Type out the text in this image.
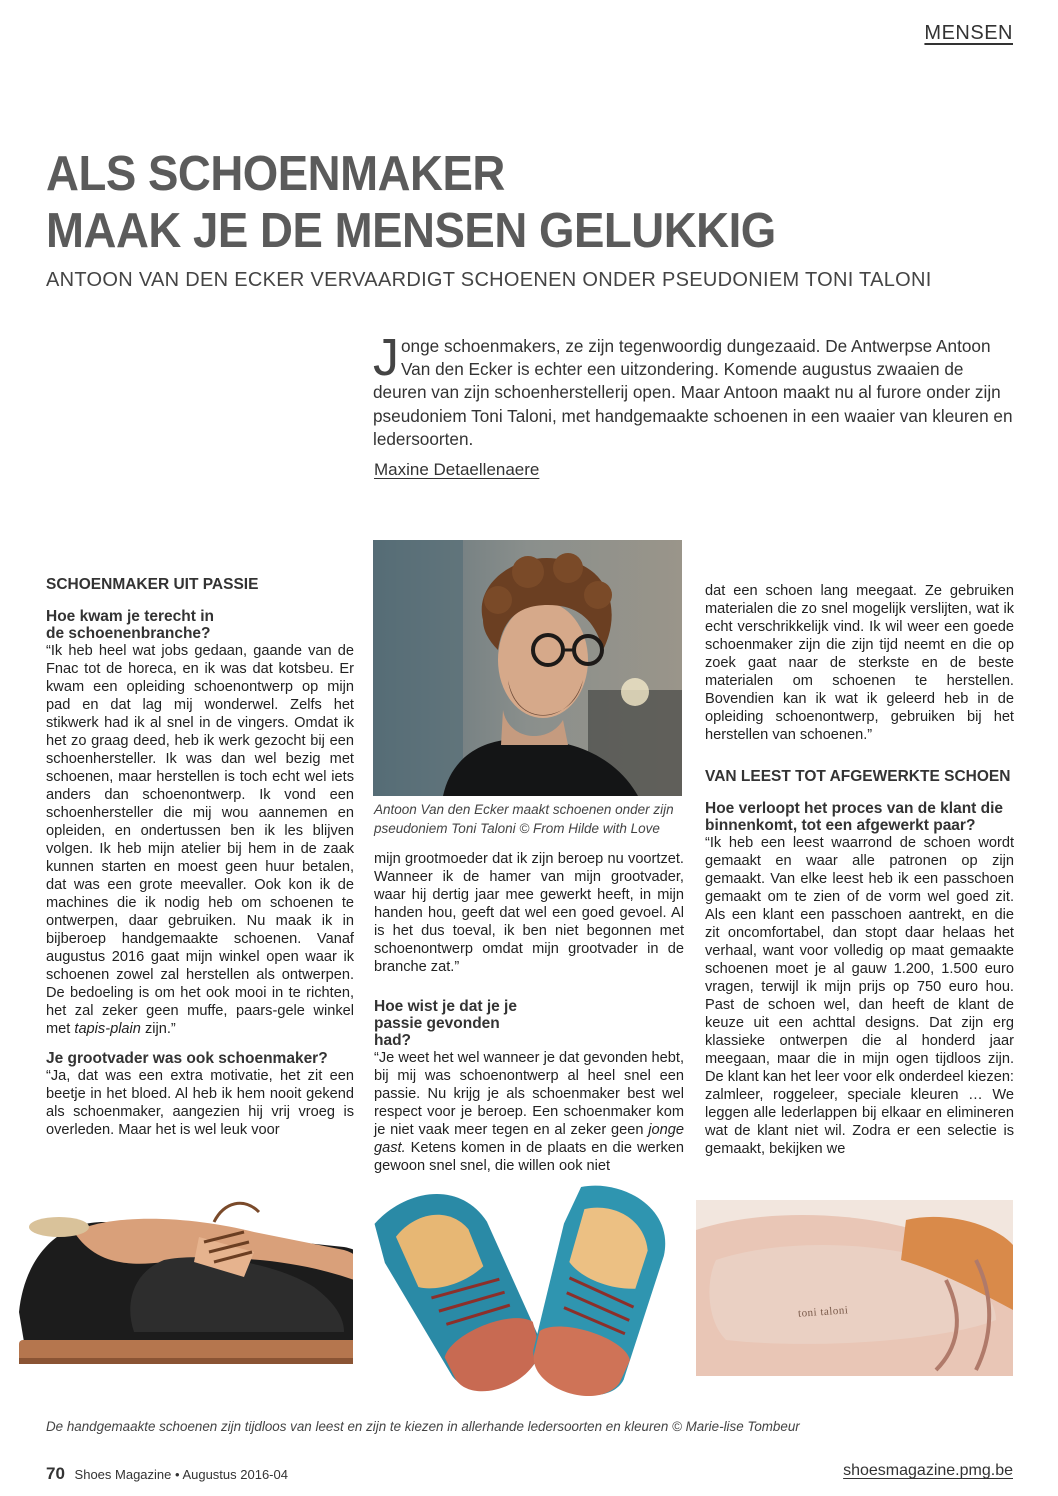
MENSEN
ALS SCHOENMAKER
MAAK JE DE MENSEN GELUKKIG
ANTOON VAN DEN ECKER VERVAARDIGT SCHOENEN ONDER PSEUDONIEM TONI TALONI

Jonge schoenmakers, ze zijn tegenwoordig dungezaaid. De Antwerpse Antoon Van den Ecker is echter een uitzondering. Komende augustus zwaaien de deuren van zijn schoenherstellerij open. Maar Antoon maakt nu al furore onder zijn pseudoniem Toni Taloni, met handgemaakte schoenen in een waaier van kleuren en ledersoorten.

Maxine Detaellenaere
SCHOENMAKER UIT PASSIE
Hoe kwam je terecht in de schoenenbranche?

“Ik heb heel wat jobs gedaan, gaande van de Fnac tot de horeca, en ik was dat kotsbeu. Er kwam een opleiding schoenontwerp op mijn pad en dat lag mij wonderwel. Zelfs het stikwerk had ik al snel in de vingers. Omdat ik het zo graag deed, heb ik werk gezocht bij een schoenhersteller. Ik was dan wel bezig met schoenen, maar herstellen is toch echt wel iets anders dan schoenontwerp. Ik vond een schoenhersteller die mij wou aannemen en opleiden, en ondertussen ben ik les blijven volgen. Ik heb mijn atelier bij hem in de zaak kunnen starten en moest geen huur betalen, dat was een grote meevaller. Ook kon ik de machines die ik nodig heb om schoenen te ontwerpen, daar gebruiken. Nu maak ik in bijberoep handgemaakte schoenen. Vanaf augustus 2016 gaat mijn winkel open waar ik schoenen zowel zal herstellen als ontwerpen. De bedoeling is om het ook mooi in te richten, het zal zeker geen muffe, paars-gele winkel met tapis-plain zijn.”

Je grootvader was ook schoenmaker?

“Ja, dat was een extra motivatie, het zit een beetje in het bloed. Al heb ik hem nooit gekend als schoenmaker, aangezien hij vrij vroeg is overleden. Maar het is wel leuk voor

Antoon Van den Ecker maakt schoenen onder zijn pseudoniem Toni Taloni © From Hilde with Love

mijn grootmoeder dat ik zijn beroep nu voortzet. Wanneer ik de hamer van mijn grootvader, waar hij dertig jaar mee gewerkt heeft, in mijn handen hou, geeft dat wel een goed gevoel. Al is het dus toeval, ik ben niet begonnen met schoenontwerp omdat mijn grootvader in de branche zat.”

Hoe wist je dat je je passie gevonden had?

“Je weet het wel wanneer je dat gevonden hebt, bij mij was schoenontwerp al heel snel een passie. Nu krijg je als schoenmaker best wel respect voor je beroep. Een schoenmaker kom je niet vaak meer tegen en al zeker geen jonge gast. Ketens komen in de plaats en die werken gewoon snel snel, die willen ook niet

dat een schoen lang meegaat. Ze gebruiken materialen die zo snel mogelijk verslijten, wat ik echt verschrikkelijk vind. Ik wil weer een goede schoenmaker zijn die zijn tijd neemt en die op zoek gaat naar de sterkste en de beste materialen om schoenen te herstellen. Bovendien kan ik wat ik geleerd heb in de opleiding schoenontwerp, gebruiken bij het herstellen van schoenen.”

VAN LEEST TOT AFGEWERKTE SCHOEN
Hoe verloopt het proces van de klant die binnenkomt, tot een afgewerkt paar?

“Ik heb een leest waarrond de schoen wordt gemaakt en waar alle patronen op zijn gemaakt. Van elke leest heb ik een passchoen gemaakt om te zien of de vorm wel goed zit. Als een klant een passchoen aantrekt, en die zit oncomfortabel, dan stopt daar helaas het verhaal, want voor volledig op maat gemaakte schoenen moet je al gauw 1.200, 1.500 euro vragen, terwijl ik mijn prijs op 750 euro hou. Past de schoen wel, dan heeft de klant de keuze uit een achttal designs. Dat zijn erg klassieke ontwerpen die al honderd jaar meegaan, maar die in mijn ogen tijdloos zijn. De klant kan het leer voor elk onderdeel kiezen: zalmleer, roggeleer, speciale kleuren … We leggen alle lederlappen bij elkaar en elimineren wat de klant niet wil. Zodra er een selectie is gemaakt, bekijken we

toni taloni
De handgemaakte schoenen zijn tijdloos van leest en zijn te kiezen in allerhande ledersoorten en kleuren © Marie-lise Tombeur
70 Shoes Magazine • Augustus 2016-04	shoesmagazine.pmg.be
